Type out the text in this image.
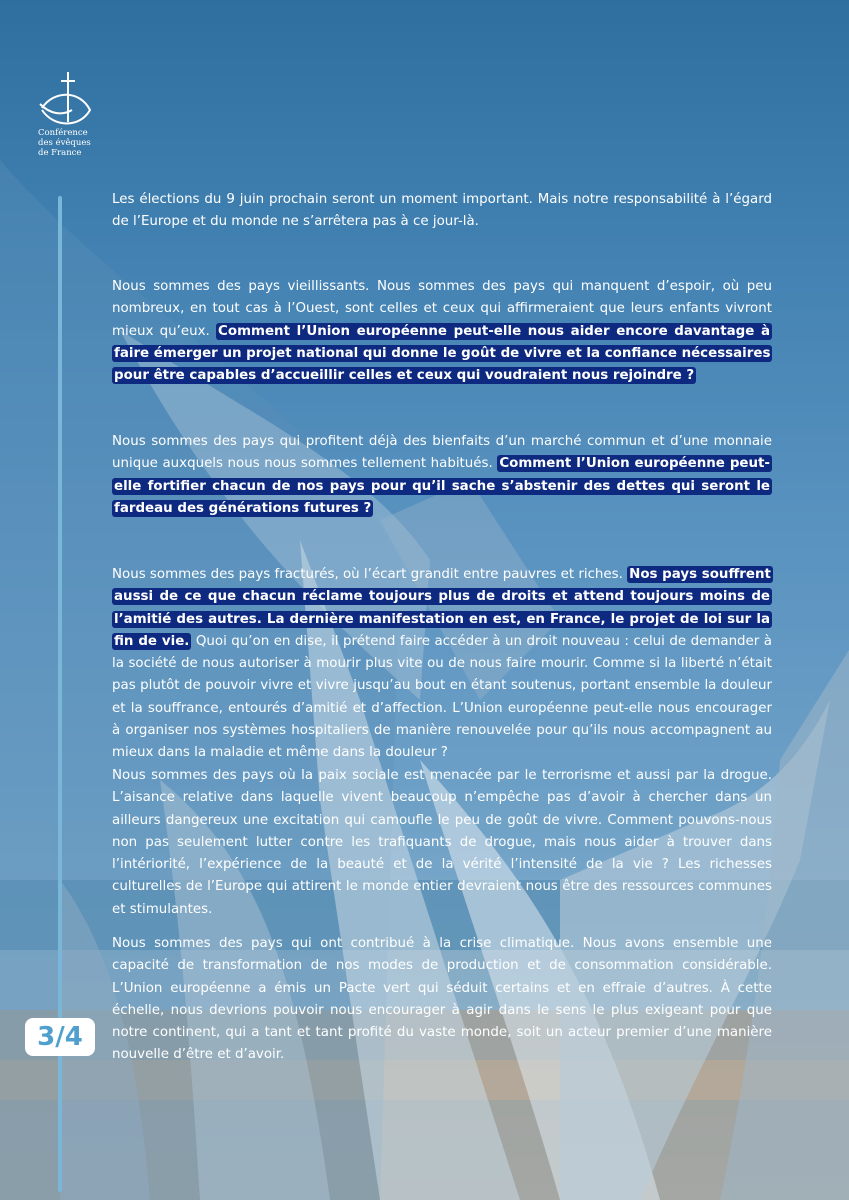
Conférence
des évêques
de France
3/4

Les élections du 9 juin prochain seront un moment important. Mais notre responsabilité à l’égard de l’Europe et du monde ne s’arrêtera pas à ce jour-là.

Nous sommes des pays vieillissants. Nous sommes des pays qui manquent d’espoir, où peu nombreux, en tout cas à l’Ouest, sont celles et ceux qui affirmeraient que leurs enfants vivront mieux qu’eux. Comment l’Union européenne peut-elle nous aider encore davantage à faire émerger un projet national qui donne le goût de vivre et la confiance nécessaires pour être capables d’accueillir celles et ceux qui voudraient nous rejoindre ?

Nous sommes des pays qui profitent déjà des bienfaits d’un marché commun et d’une monnaie unique auxquels nous nous sommes tellement habitués. Comment l’Union européenne peut-elle fortifier chacun de nos pays pour qu’il sache s’abstenir des dettes qui seront le fardeau des générations futures ?

Nous sommes des pays fracturés, où l’écart grandit entre pauvres et riches. Nos pays souffrent aussi de ce que chacun réclame toujours plus de droits et attend toujours moins de l’amitié des autres. La dernière manifestation en est, en France, le projet de loi sur la fin de vie. Quoi qu’on en dise, il prétend faire accéder à un droit nouveau : celui de demander à la société de nous autoriser à mourir plus vite ou de nous faire mourir. Comme si la liberté n’était pas plutôt de pouvoir vivre et vivre jusqu’au bout en étant soutenus, portant ensemble la douleur et la souffrance, entourés d’amitié et d’affection. L’Union européenne peut-elle nous encourager à organiser nos systèmes hospitaliers de manière renouvelée pour qu’ils nous accompagnent au mieux dans la maladie et même dans la douleur ?

Nous sommes des pays où la paix sociale est menacée par le terrorisme et aussi par la drogue. L’aisance relative dans laquelle vivent beaucoup n’empêche pas d’avoir à chercher dans un ailleurs dangereux une excitation qui camoufle le peu de goût de vivre. Comment pouvons-nous non pas seulement lutter contre les trafiquants de drogue, mais nous aider à trouver dans l’intériorité, l’expérience de la beauté et de la vérité l’intensité de la vie ? Les richesses culturelles de l’Europe qui attirent le monde entier devraient nous être des ressources communes et stimulantes.

Nous sommes des pays qui ont contribué à la crise climatique. Nous avons ensemble une capacité de transformation de nos modes de production et de consommation considérable. L’Union européenne a émis un Pacte vert qui séduit certains et en effraie d’autres. À cette échelle, nous devrions pouvoir nous encourager à agir dans le sens le plus exigeant pour que notre continent, qui a tant et tant profité du vaste monde, soit un acteur premier d’une manière nouvelle d’être et d’avoir.
